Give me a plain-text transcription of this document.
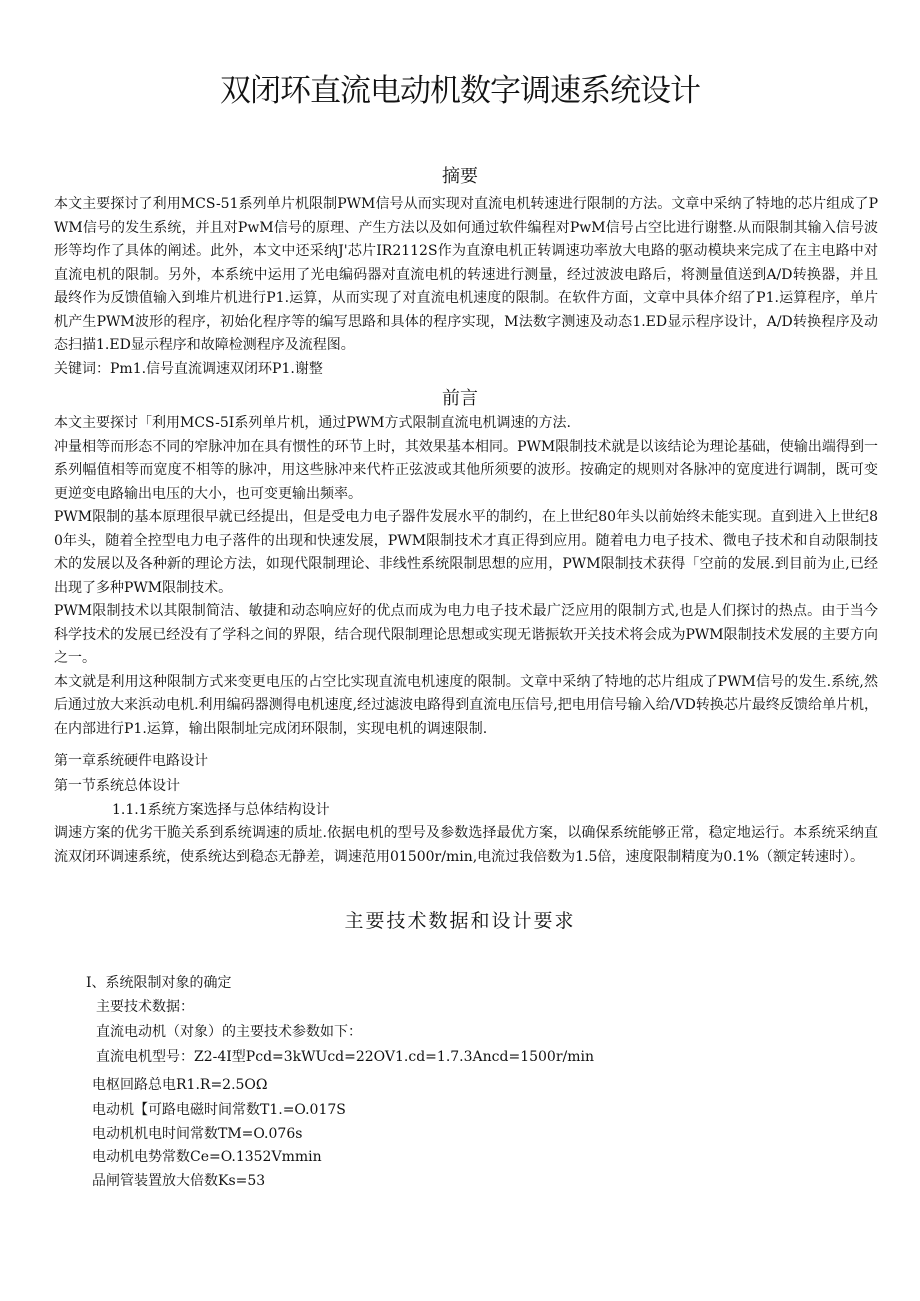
双闭环直流电动机数字调速系统设计
摘要

本文主要探讨了利用MCS-51系列单片机限制PWM信号从而实现对直流电机转速进行限制的方法。文章中采纳了特地的芯片组成了PWM信号的发生系统，并且对PwM信号的原理、产生方法以及如何通过软件编程对PwM信号占空比进行谢整.从而限制其输入信号波形等均作了具体的阐述。此外，本文中还采纳J'芯片IR2112S作为直潦电机正转调速功率放大电路的驱动模块来完成了在主电路中对直流电机的限制。另外，本系统中运用了光电编码器对直流电机的转速进行测量，经过波波电路后，将测量值送到A/D转换器，并且最终作为反馈值输入到堆片机进行P1.运算，从而实现了对直流电机速度的限制。在软件方面，文章中具体介绍了P1.运算程序，单片机产生PWM波形的程序，初始化程序等的编写思路和具体的程序实现，M法数字测速及动态1.ED显示程序设计，A/D转换程序及动态扫描1.ED显示程序和故障检测程序及流程图。

关键词：Pm1.信号直流调速双闭环P1.谢整

前言

本文主要探讨「利用MCS-5I系列单片机，通过PWM方式限制直流电机调速的方法.

冲量相等而形态不同的窄脉冲加在具有惯性的环节上时，其效果基本相同。PWM限制技术就是以该结论为理论基础，使输出端得到一系列幅值相等而宽度不相等的脉冲，用这些脉冲来代杵正弦波或其他所须要的波形。按确定的规则对各脉冲的宽度进行调制，既可变更逆变电路输出电压的大小，也可变更输出频率。

PWM限制的基本原理很早就已经提出，但是受电力电子器件发展水平的制约，在上世纪80年头以前始终未能实现。直到进入上世纪80年头，随着全控型电力电子落件的出现和快速发展，PWM限制技术才真正得到应用。随着电力电子技术、微电子技术和自动限制技术的发展以及各种新的理论方法，如现代限制理论、非线性系统限制思想的应用，PWM限制技术获得「空前的发展.到目前为止,已经出现了多种PWM限制技术。

PWM限制技术以其限制简洁、敏捷和动态响应好的优点而成为电力电子技术最广泛应用的限制方式,也是人们探讨的热点。由于当今科学技术的发展已经没有了学科之间的界限，结合现代限制理论思想或实现无谐振软开关技术将会成为PWM限制技术发展的主要方向之一。

本文就是利用这种限制方式来变更电压的占空比实现直流电机速度的限制。文章中采纳了特地的芯片组成了PWM信号的发生.系统,然后通过放大来浜动电机.利用编码器测得电机速度,经过滤波电路得到直流电压信号,把电用信号输入给/VD转换芯片最终反馈给单片机，在内部进行P1.运算，输出限制址完成闭环限制，实现电机的调速限制.

第一章系统硬件电路设计
第一节系统总体设计
1.1.1系统方案选择与总体结构设计

调速方案的优劣干脆关系到系统调速的质址.依据电机的型号及参数选择最优方案，以确保系统能够正常，稳定地运行。本系统采纳直流双闭环调速系统，使系统达到稳态无静差，调速范用01500r/min,电流过我倍数为1.5倍，速度限制精度为0.1%（额定转速时）。

主要技术数据和设计要求
I、系统限制对象的确定
主要技术数据：
直流电动机（对象）的主要技术参数如下：
直流电机型号：Z2-4I型Pcd=3kWUcd=22OV1.cd=1.7.3Ancd=1500r/min
电枢回路总电R1.R=2.5OΩ
电动机【可路电磁时间常数T1.=O.017S
电动机机电时间常数TM=O.076s
电动机电势常数Ce=O.1352Vmmin
品闸管装置放大倍数Ks=53
